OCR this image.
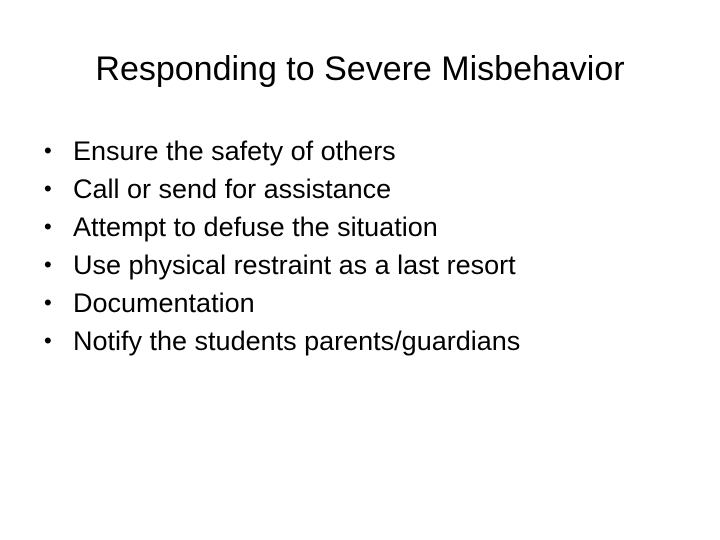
Responding to Severe Misbehavior
• Ensure the safety of others
• Call or send for assistance
• Attempt to defuse the situation
• Use physical restraint as a last resort
• Documentation
• Notify the students parents/guardians
